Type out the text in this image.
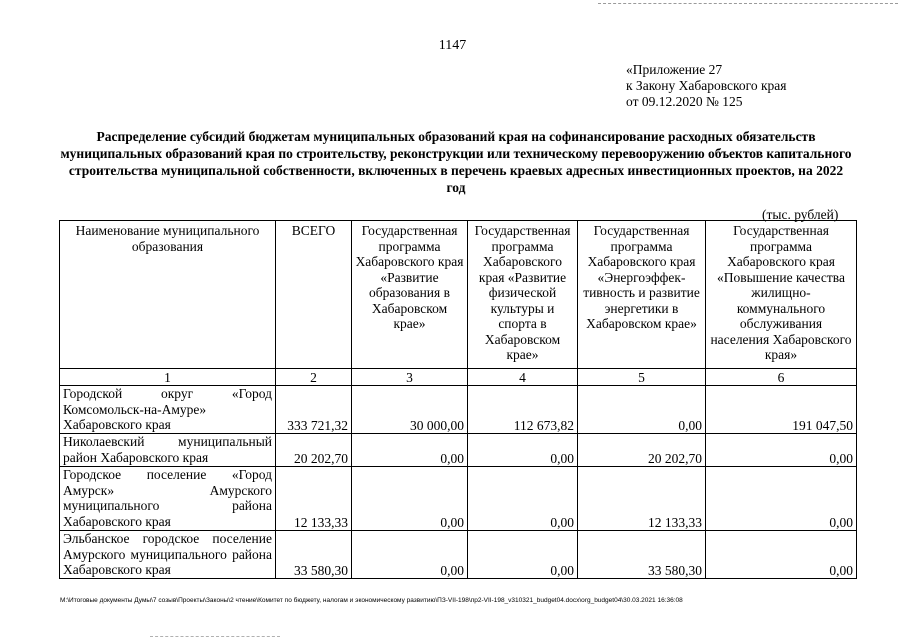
1147
«Приложение 27
к Закону Хабаровского края
от 09.12.2020 № 125
Распределение субсидий бюджетам муниципальных образований края на софинансирование расходных обязательств муниципальных образований края по строительству, реконструкции или техническому перевооружению объектов капитального строительства муниципальной собственности, включенных в перечень краевых адресных инвестиционных проектов, на 2022 год
(тыс. рублей)
Наименование муниципального образования	ВСЕГО	Государственная программа Хабаровского края «Развитие образования в Хабаровском крае»	Государственная программа Хабаровского края «Развитие физической культуры и спорта в Хабаровском крае»	Государственная программа Хабаровского края «Энергоэффек-тивность и развитие энергетики в Хабаровском крае»	Государственная программа Хабаровского края «Повышение качества жилищно-коммунального обслуживания населения Хабаровского края»
1	2	3	4	5	6
Городской округ «Город Комсомольск-на-Амуре» Хабаровского края	333 721,32	30 000,00	112 673,82	0,00	191 047,50
Николаевский муниципальный район Хабаровского края	20 202,70	0,00	0,00	20 202,70	0,00
Городское поселение «Город Амурск» Амурского муниципального района Хабаровского края	12 133,33	0,00	0,00	12 133,33	0,00
Эльбанское городское поселение Амурского муниципального района Хабаровского края	33 580,30	0,00	0,00	33 580,30	0,00
М:\Итоговые документы Думы\7 созыв\Проекты\Законы\2 чтение\Комитет по бюджету, налогам и экономическому развитию\ПЗ-VII-198\пр2-VII-198_v310321_budget04.docx\org_budget04\30.03.2021 16:36:08
